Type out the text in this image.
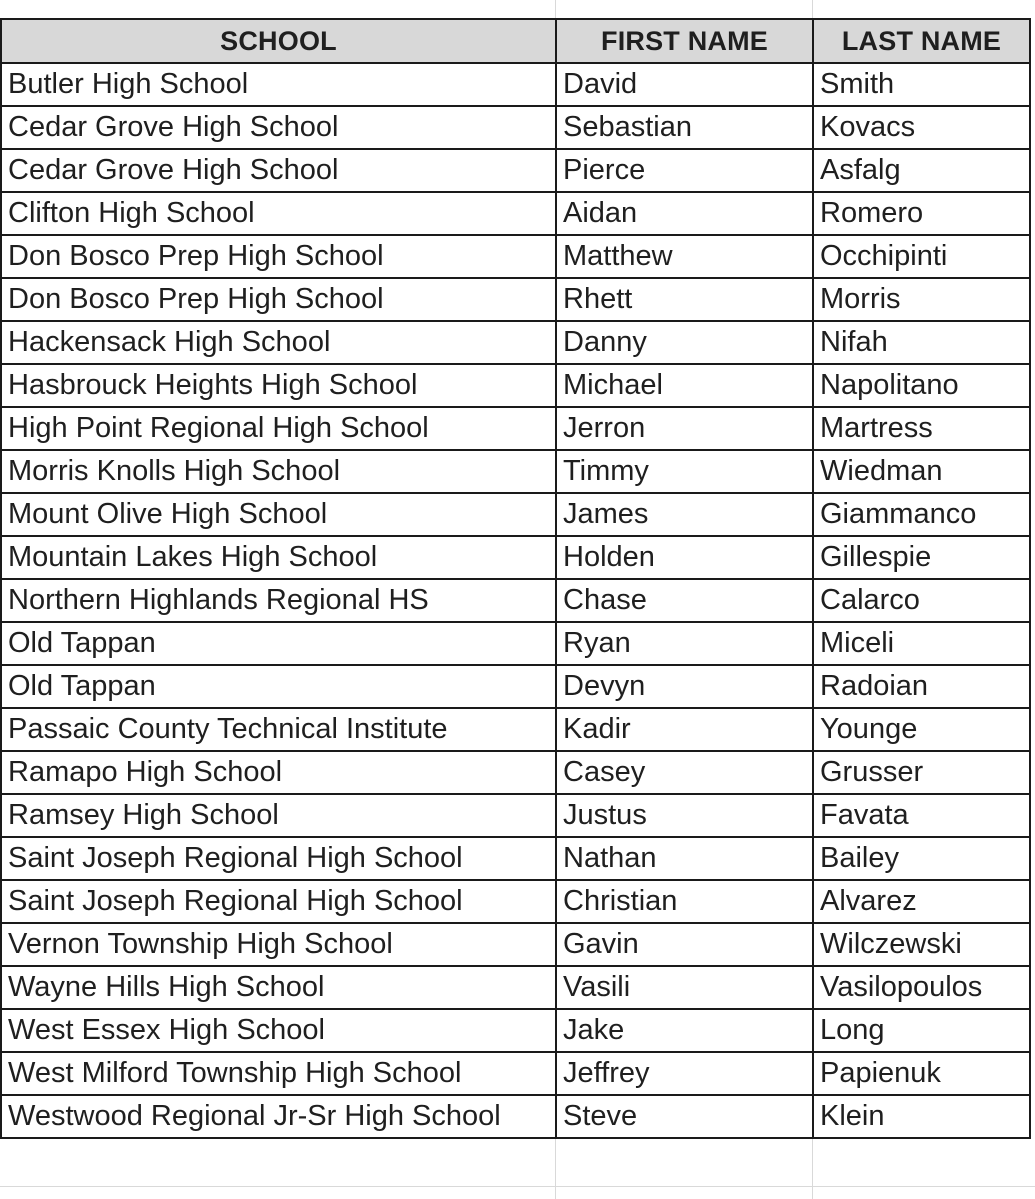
SCHOOL	FIRST NAME	LAST NAME
Butler High School	David	Smith
Cedar Grove High School	Sebastian	Kovacs
Cedar Grove High School	Pierce	Asfalg
Clifton High School	Aidan	Romero
Don Bosco Prep High School	Matthew	Occhipinti
Don Bosco Prep High School	Rhett	Morris
Hackensack High School	Danny	Nifah
Hasbrouck Heights High School	Michael	Napolitano
High Point Regional High School	Jerron	Martress
Morris Knolls High School	Timmy	Wiedman
Mount Olive High School	James	Giammanco
Mountain Lakes High School	Holden	Gillespie
Northern Highlands Regional HS	Chase	Calarco
Old Tappan	Ryan	Miceli
Old Tappan	Devyn	Radoian
Passaic County Technical Institute	Kadir	Younge
Ramapo High School	Casey	Grusser
Ramsey High School	Justus	Favata
Saint Joseph Regional High School	Nathan	Bailey
Saint Joseph Regional High School	Christian	Alvarez
Vernon Township High School	Gavin	Wilczewski
Wayne Hills High School	Vasili	Vasilopoulos
West Essex High School	Jake	Long
West Milford Township High School	Jeffrey	Papienuk
Westwood Regional Jr-Sr High School	Steve	Klein
